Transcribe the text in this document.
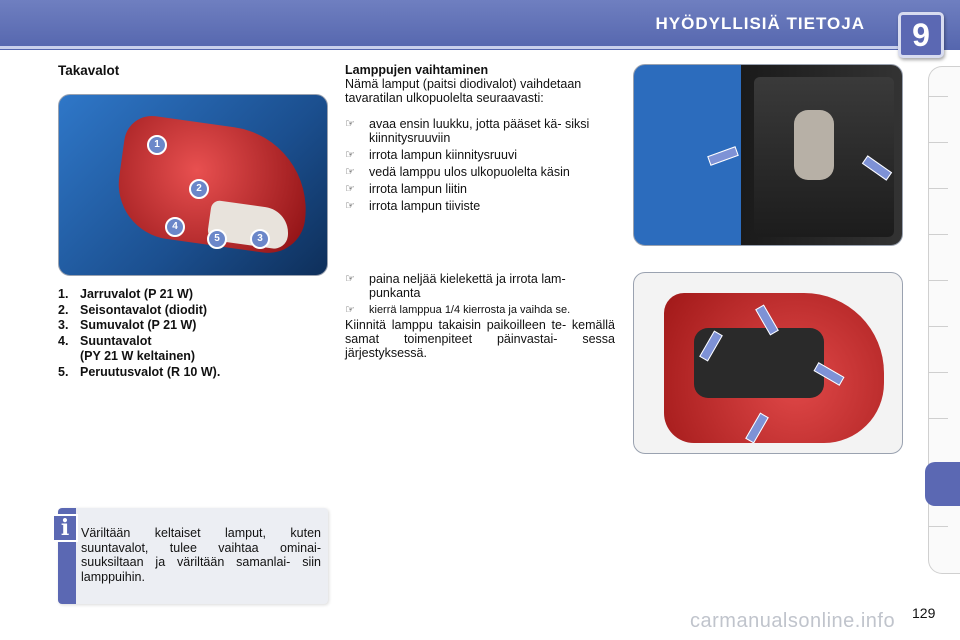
HYÖDYLLISIÄ TIETOJA	9
Takavalot
1
2
3
4
5
1. Jarruvalot (P 21 W)
2. Seisontavalot (diodit)
3. Sumuvalot (P 21 W)
4. Suuntavalot
(PY 21 W keltainen)
5. Peruutusvalot (R 10 W).
i Väriltään keltaiset lamput, kuten suuntavalot, tulee vaihtaa ominai- suuksiltaan ja väriltään samanlai- siin lamppuihin.
Lamppujen vaihtaminen
Nämä lamput (paitsi diodivalot) vaihdetaan tavaratilan ulkopuolelta seuraavasti:
☞	avaa ensin luukku, jotta pääset kä- siksi kiinnitysruuviin
☞	irrota lampun kiinnitysruuvi
☞	vedä lamppu ulos ulkopuolelta käsin
☞	irrota lampun liitin
☞	irrota lampun tiiviste
☞	paina neljää kielekettä ja irrota lam- punkanta
☞	kierrä lamppua 1/4 kierrosta ja vaihda se.
Kiinnitä lamppu takaisin paikoilleen te- kemällä samat toimenpiteet päinvastai- sessa järjestyksessä.
129
carmanualsonline.info
